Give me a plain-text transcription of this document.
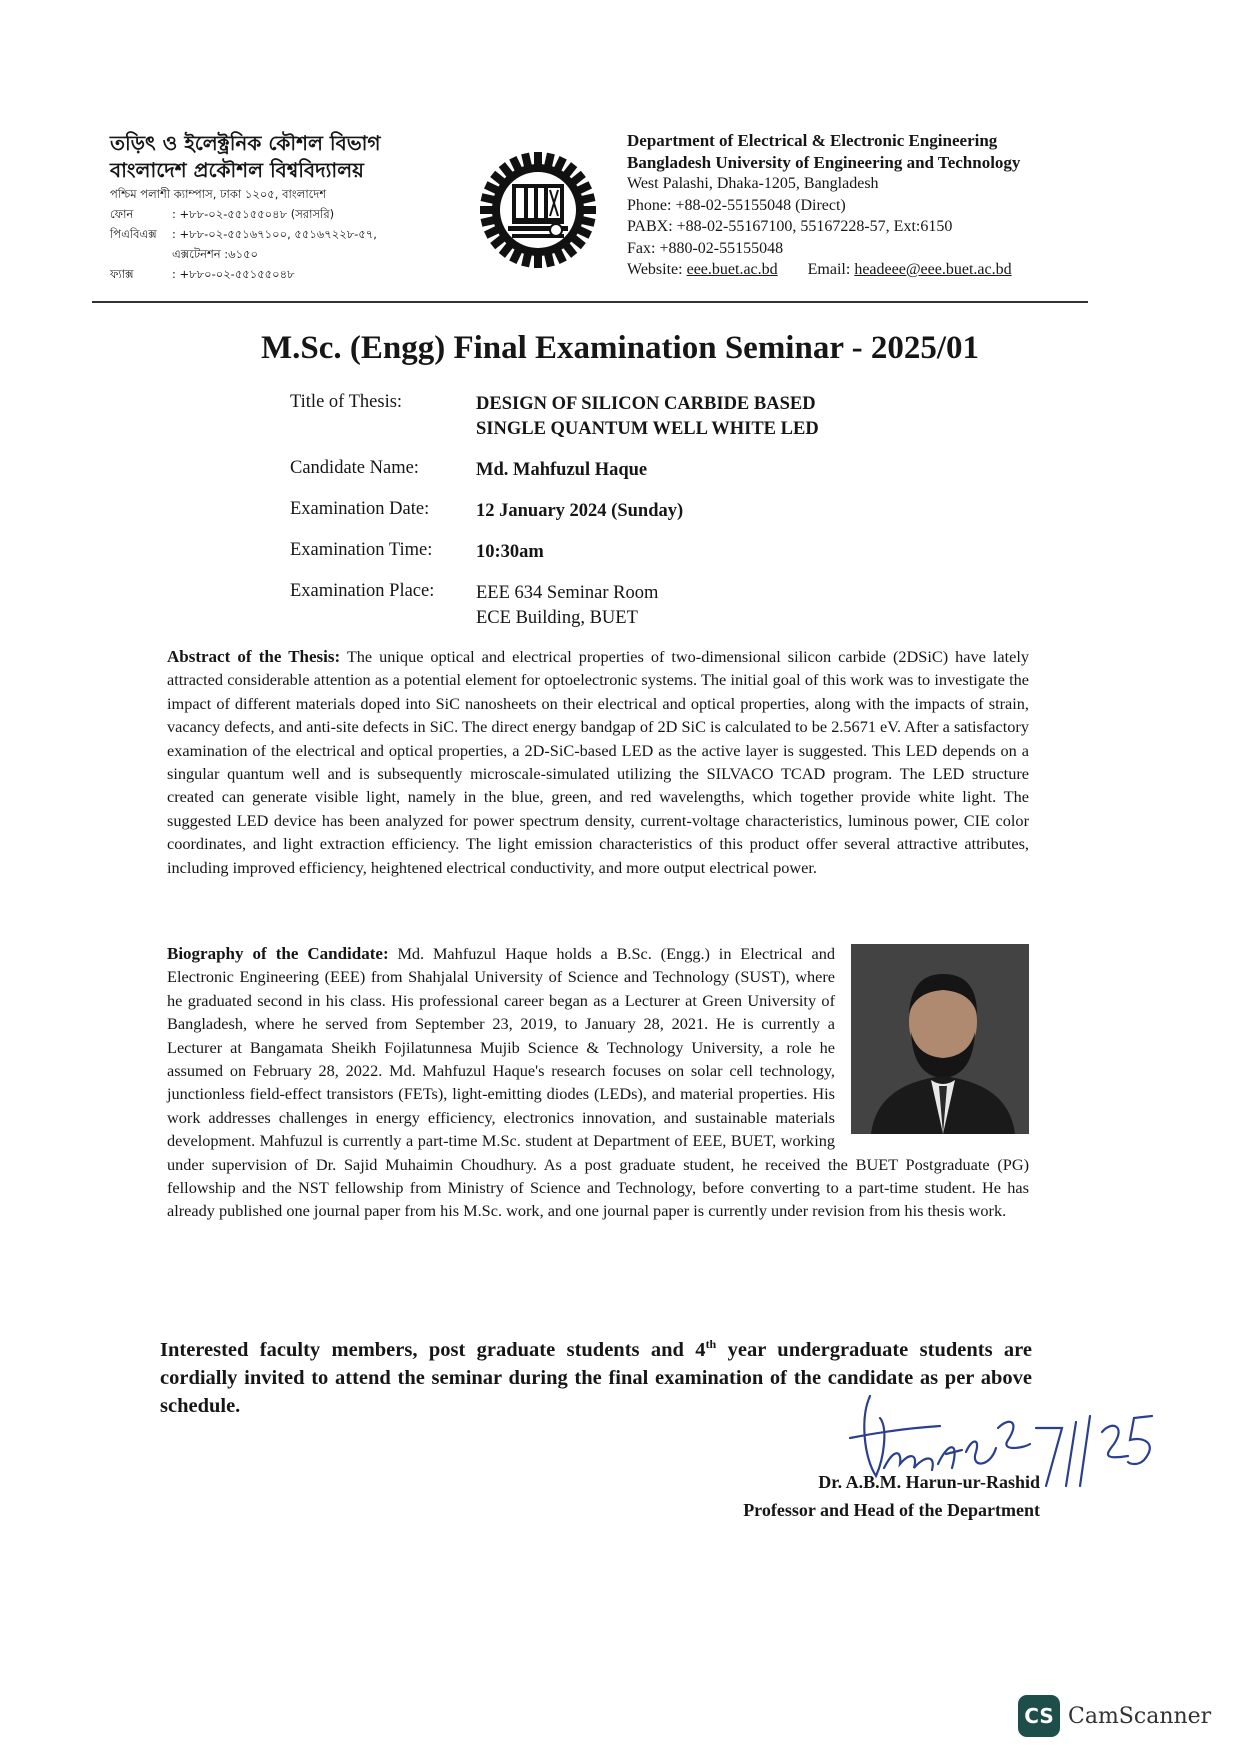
তড়িৎ ও ইলেক্ট্রনিক কৌশল বিভাগ
বাংলাদেশ প্রকৌশল বিশ্ববিদ্যালয়
পশ্চিম পলাশী ক্যাম্পাস, ঢাকা ১২০৫, বাংলাদেশ
ফোন	: +৮৮-০২-৫৫১৫৫০৪৮ (সরাসরি)
পিএবিএক্স	: +৮৮-০২-৫৫১৬৭১০০, ৫৫১৬৭২২৮-৫৭,
এক্সটেনশন :৬১৫০
ফ্যাক্স	: +৮৮০-০২-৫৫১৫৫০৪৮
Department of Electrical & Electronic Engineering
Bangladesh University of Engineering and Technology
West Palashi, Dhaka-1205, Bangladesh
Phone: +88-02-55155048 (Direct)
PABX: +88-02-55167100, 55167228-57, Ext:6150
Fax: +880-02-55155048
Website: eee.buet.ac.bd Email: headeee@eee.buet.ac.bd
M.Sc. (Engg) Final Examination Seminar - 2025/01
Title of Thesis:	DESIGN OF SILICON CARBIDE BASED
SINGLE QUANTUM WELL WHITE LED
Candidate Name:	Md. Mahfuzul Haque
Examination Date:	12 January 2024 (Sunday)
Examination Time:	10:30am
Examination Place:	EEE 634 Seminar Room
ECE Building, BUET
Abstract of the Thesis: The unique optical and electrical properties of two-dimensional silicon carbide (2DSiC) have lately attracted considerable attention as a potential element for optoelectronic systems. The initial goal of this work was to investigate the impact of different materials doped into SiC nanosheets on their electrical and optical properties, along with the impacts of strain, vacancy defects, and anti-site defects in SiC. The direct energy bandgap of 2D SiC is calculated to be 2.5671 eV. After a satisfactory examination of the electrical and optical properties, a 2D-SiC-based LED as the active layer is suggested. This LED depends on a singular quantum well and is subsequently microscale-simulated utilizing the SILVACO TCAD program. The LED structure created can generate visible light, namely in the blue, green, and red wavelengths, which together provide white light. The suggested LED device has been analyzed for power spectrum density, current-voltage characteristics, luminous power, CIE color coordinates, and light extraction efficiency. The light emission characteristics of this product offer several attractive attributes, including improved efficiency, heightened electrical conductivity, and more output electrical power.
Biography of the Candidate: Md. Mahfuzul Haque holds a B.Sc. (Engg.) in Electrical and Electronic Engineering (EEE) from Shahjalal University of Science and Technology (SUST), where he graduated second in his class. His professional career began as a Lecturer at Green University of Bangladesh, where he served from September 23, 2019, to January 28, 2021. He is currently a Lecturer at Bangamata Sheikh Fojilatunnesa Mujib Science & Technology University, a role he assumed on February 28, 2022. Md. Mahfuzul Haque's research focuses on solar cell technology, junctionless field-effect transistors (FETs), light-emitting diodes (LEDs), and material properties. His work addresses challenges in energy efficiency, electronics innovation, and sustainable materials development. Mahfuzul is currently a part-time M.Sc. student at Department of EEE, BUET, working under supervision of Dr. Sajid Muhaimin Choudhury. As a post graduate student, he received the BUET Postgraduate (PG) fellowship and the NST fellowship from Ministry of Science and Technology, before converting to a part-time student. He has already published one journal paper from his M.Sc. work, and one journal paper is currently under revision from his thesis work.
Interested faculty members, post graduate students and 4th year undergraduate students are cordially invited to attend the seminar during the final examination of the candidate as per above schedule.
Dr. A.B.M. Harun-ur-Rashid
Professor and Head of the Department
CS CamScanner
